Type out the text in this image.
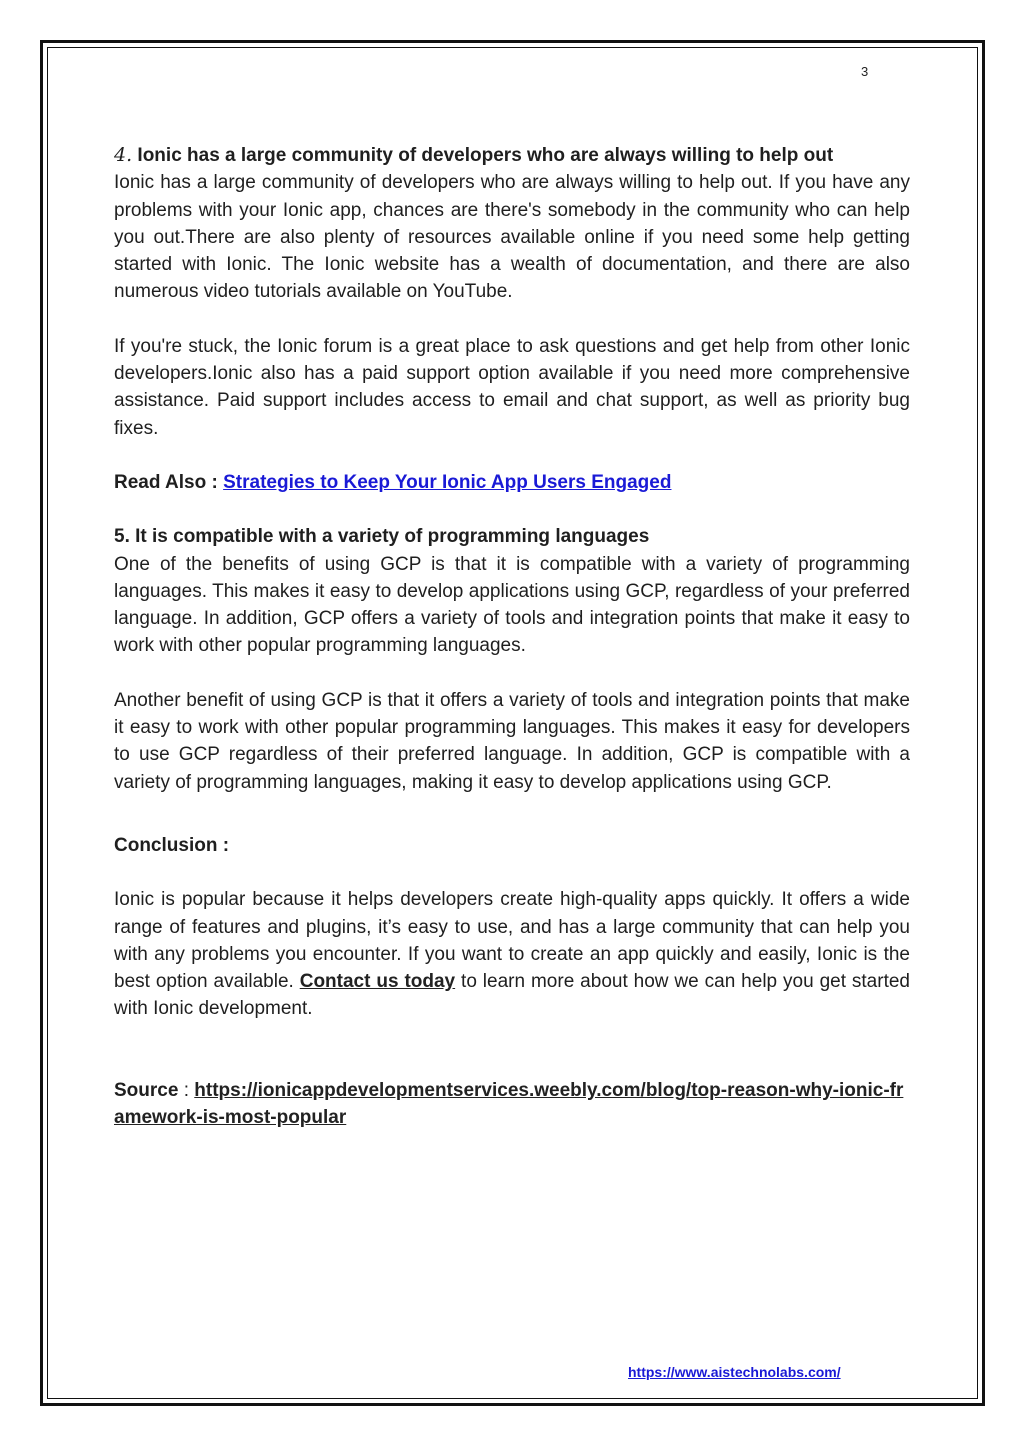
3

4. Ionic has a large community of developers who are always willing to help out

Ionic has a large community of developers who are always willing to help out. If you have any problems with your Ionic app, chances are there's somebody in the community who can help you out.There are also plenty of resources available online if you need some help getting started with Ionic. The Ionic website has a wealth of documentation, and there are also numerous video tutorials available on YouTube.

If you're stuck, the Ionic forum is a great place to ask questions and get help from other Ionic developers.Ionic also has a paid support option available if you need more comprehensive assistance. Paid support includes access to email and chat support, as well as priority bug fixes.

Read Also : Strategies to Keep Your Ionic App Users Engaged

5. It is compatible with a variety of programming languages

One of the benefits of using GCP is that it is compatible with a variety of programming languages. This makes it easy to develop applications using GCP, regardless of your preferred language. In addition, GCP offers a variety of tools and integration points that make it easy to work with other popular programming languages.

Another benefit of using GCP is that it offers a variety of tools and integration points that make it easy to work with other popular programming languages. This makes it easy for developers to use GCP regardless of their preferred language. In addition, GCP is compatible with a variety of programming languages, making it easy to develop applications using GCP.

Conclusion :

Ionic is popular because it helps developers create high-quality apps quickly. It offers a wide range of features and plugins, it’s easy to use, and has a large community that can help you with any problems you encounter. If you want to create an app quickly and easily, Ionic is the best option available. Contact us today to learn more about how we can help you get started with Ionic development.

Source : https://ionicappdevelopmentservices.weebly.com/blog/top-reason-why-ionic-framework-is-most-popular

https://www.aistechnolabs.com/
